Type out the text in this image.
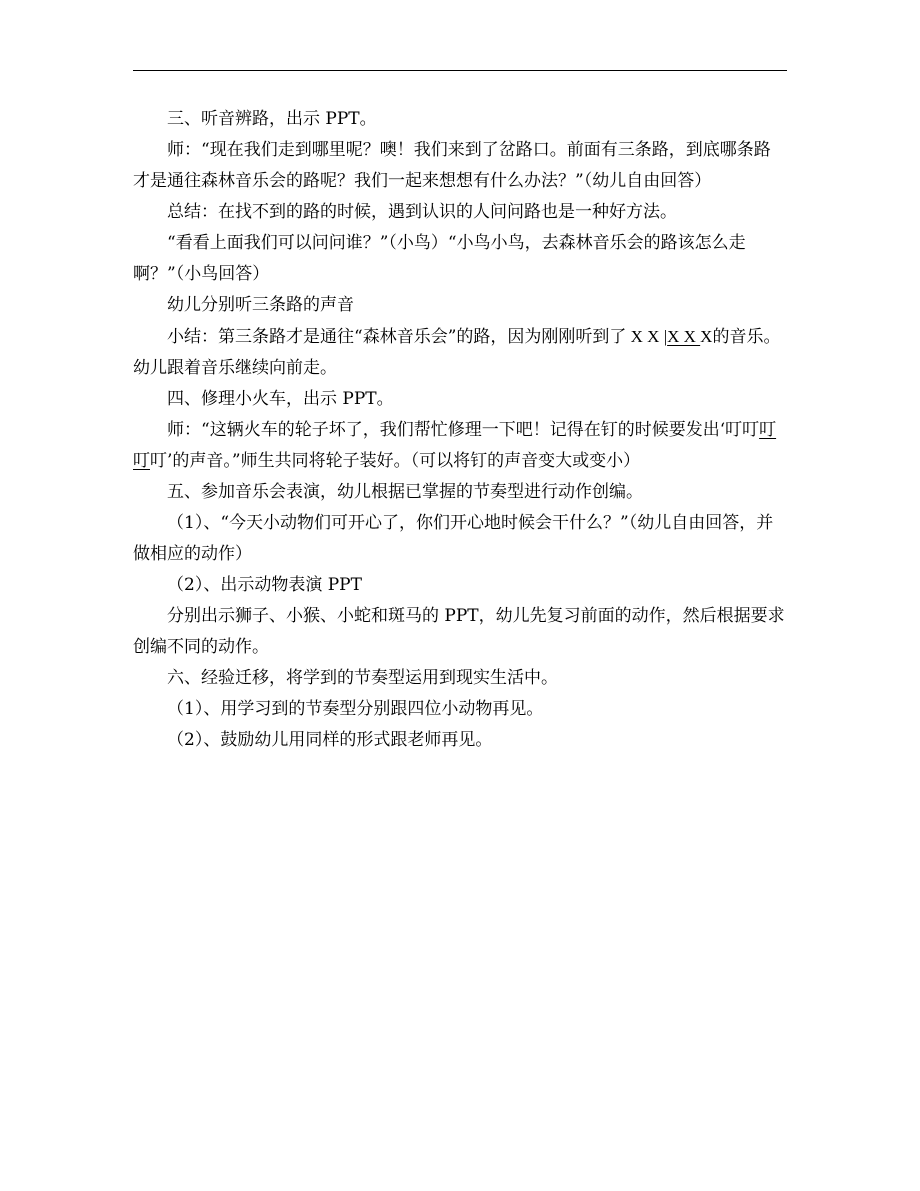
三、听音辨路，出示 PPT。

师：“现在我们走到哪里呢？噢！我们来到了岔路口。前面有三条路，到底哪条路才是通往森林音乐会的路呢？我们一起来想想有什么办法？”（幼儿自由回答）

总结：在找不到的路的时候，遇到认识的人问问路也是一种好方法。

“看看上面我们可以问问谁？”（小鸟）“小鸟小鸟，去森林音乐会的路该怎么走啊？”（小鸟回答）

幼儿分别听三条路的声音

小结：第三条路才是通往“森林音乐会”的路，因为刚刚听到了 X X |X X X的音乐。幼儿跟着音乐继续向前走。

四、修理小火车，出示 PPT。

师：“这辆火车的轮子坏了，我们帮忙修理一下吧！记得在钉的时候要发出‘叮叮叮叮叮’的声音。”师生共同将轮子装好。（可以将钉的声音变大或变小）

五、参加音乐会表演，幼儿根据已掌握的节奏型进行动作创编。

（1）、“今天小动物们可开心了，你们开心地时候会干什么？”（幼儿自由回答，并做相应的动作）

（2）、出示动物表演 PPT

分别出示狮子、小猴、小蛇和斑马的 PPT，幼儿先复习前面的动作，然后根据要求创编不同的动作。

六、经验迁移，将学到的节奏型运用到现实生活中。

（1）、用学习到的节奏型分别跟四位小动物再见。

（2）、鼓励幼儿用同样的形式跟老师再见。
